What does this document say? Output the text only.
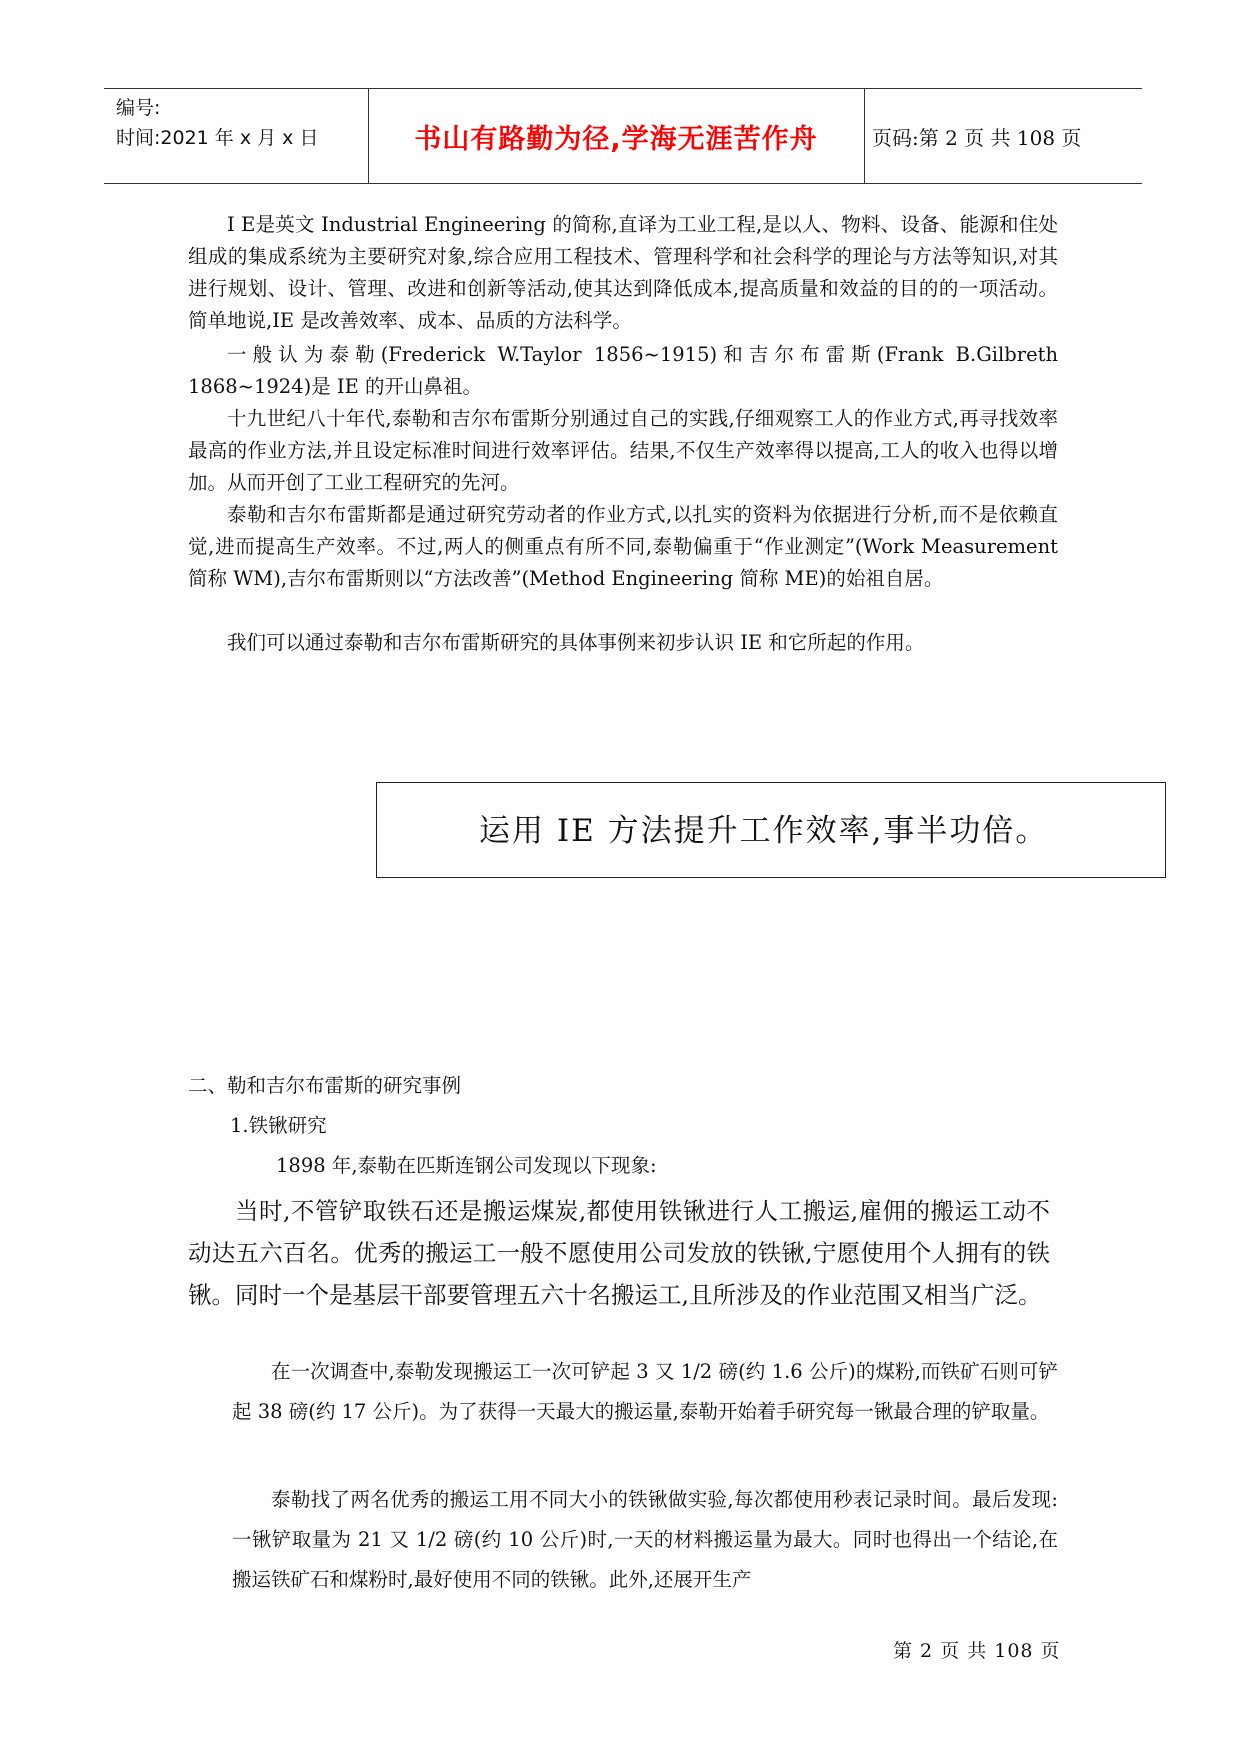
编号:
时间:2021 年 x 月 x 日	书山有路勤为径,学海无涯苦作舟	页码:第 2 页 共 108 页
I E是英文 Industrial Engineering 的简称,直译为工业工程,是以人、物料、设备、能源和住处组成的集成系统为主要研究对象,综合应用工程技术、管理科学和社会科学的理论与方法等知识,对其进行规划、设计、管理、改进和创新等活动,使其达到降低成本,提高质量和效益的目的的一项活动。简单地说,IE 是改善效率、成本、品质的方法科学。
一般认为泰勒(Frederick W.Taylor 1856~1915)和吉尔布雷斯(Frank B.Gilbreth 1868~1924)是 IE 的开山鼻祖。
十九世纪八十年代,泰勒和吉尔布雷斯分别通过自己的实践,仔细观察工人的作业方式,再寻找效率最高的作业方法,并且设定标准时间进行效率评估。结果,不仅生产效率得以提高,工人的收入也得以增加。从而开创了工业工程研究的先河。
泰勒和吉尔布雷斯都是通过研究劳动者的作业方式,以扎实的资料为依据进行分析,而不是依赖直觉,进而提高生产效率。不过,两人的侧重点有所不同,泰勒偏重于“作业测定”(Work Measurement 简称 WM),吉尔布雷斯则以“方法改善”(Method Engineering 简称 ME)的始祖自居。
我们可以通过泰勒和吉尔布雷斯研究的具体事例来初步认识 IE 和它所起的作用。
运用 IE 方法提升工作效率,事半功倍。
二、勒和吉尔布雷斯的研究事例
1.铁锹研究
1898 年,泰勒在匹斯连钢公司发现以下现象:
当时,不管铲取铁石还是搬运煤炭,都使用铁锹进行人工搬运,雇佣的搬运工动不动达五六百名。优秀的搬运工一般不愿使用公司发放的铁锹,宁愿使用个人拥有的铁锹。同时一个是基层干部要管理五六十名搬运工,且所涉及的作业范围又相当广泛。
在一次调查中,泰勒发现搬运工一次可铲起 3 又 1/2 磅(约 1.6 公斤)的煤粉,而铁矿石则可铲起 38 磅(约 17 公斤)。为了获得一天最大的搬运量,泰勒开始着手研究每一锹最合理的铲取量。
泰勒找了两名优秀的搬运工用不同大小的铁锹做实验,每次都使用秒表记录时间。最后发现:一锹铲取量为 21 又 1/2 磅(约 10 公斤)时,一天的材料搬运量为最大。同时也得出一个结论,在搬运铁矿石和煤粉时,最好使用不同的铁锹。此外,还展开生产
第 2 页 共 108 页
